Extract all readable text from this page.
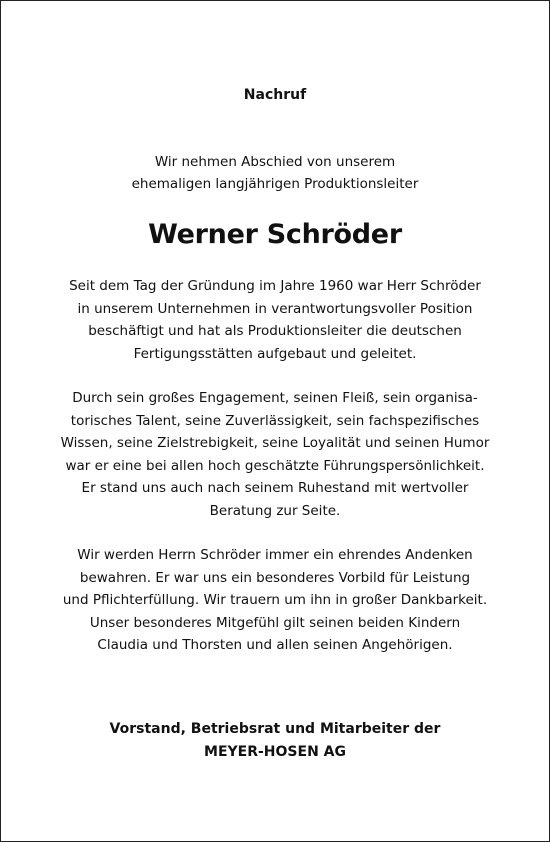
Nachruf
Wir nehmen Abschied von unserem
ehemaligen langjährigen Produktionsleiter
Werner Schröder
Seit dem Tag der Gründung im Jahre 1960 war Herr Schröder
in unserem Unternehmen in verantwortungsvoller Position
beschäftigt und hat als Produktionsleiter die deutschen
Fertigungsstätten aufgebaut und geleitet.
Durch sein großes Engagement, seinen Fleiß, sein organisa-
torisches Talent, seine Zuverlässigkeit, sein fachspezifisches
Wissen, seine Zielstrebigkeit, seine Loyalität und seinen Humor
war er eine bei allen hoch geschätzte Führungspersönlichkeit.
Er stand uns auch nach seinem Ruhestand mit wertvoller
Beratung zur Seite.
Wir werden Herrn Schröder immer ein ehrendes Andenken
bewahren. Er war uns ein besonderes Vorbild für Leistung
und Pflichterfüllung. Wir trauern um ihn in großer Dankbarkeit.
Unser besonderes Mitgefühl gilt seinen beiden Kindern
Claudia und Thorsten und allen seinen Angehörigen.
Vorstand, Betriebsrat und Mitarbeiter der
MEYER-HOSEN AG
